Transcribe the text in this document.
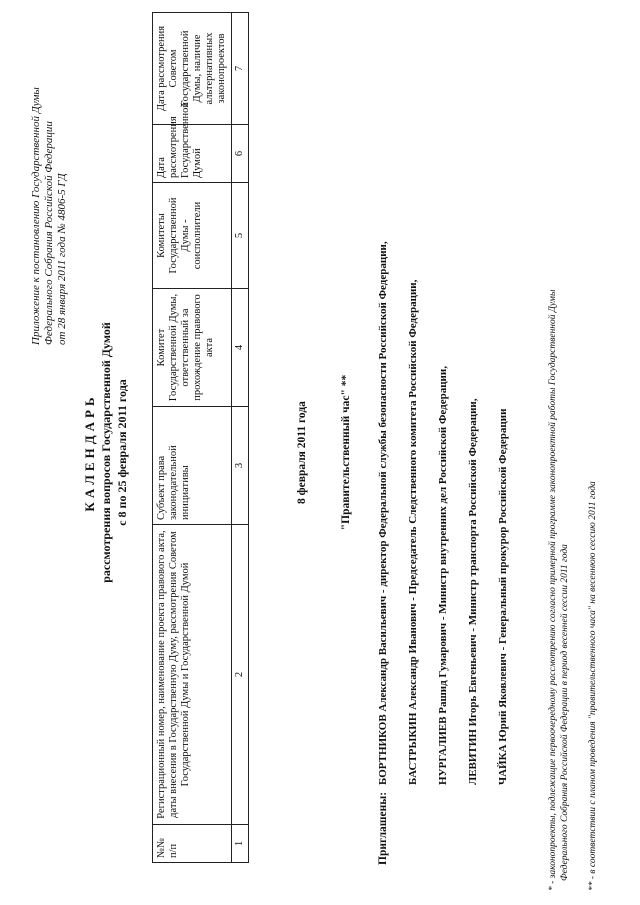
Приложение к постановлению Государственной Думы Федерального Собрания Российской Федерации от 28 января 2011 года № 4806-5 ГД
КАЛЕНДАРЬ рассмотрения вопросов Государственной Думой с 8 по 25 февраля 2011 года
№№ п/п	Регистрационный номер, наименование проекта правового акта, даты внесения в Государственную Думу, рассмотрения Советом Государственной Думы и Государственной Думой	Субъект права законодательной инициативы	Комитет Государственной Думы, ответственный за прохождение правового акта	Комитеты Государственной Думы - соисполнители	Дата рассмотрения Государственной Думой	Дата рассмотрения Советом Государственной Думы, наличие альтернативных законопроектов
1	2	3	4	5	6	7
8 февраля 2011 года	"Правительственный час" **
Приглашены:
БОРТНИКОВ Александр Васильевич - директор Федеральной службы безопасности Российской Федерации, БАСТРЫКИН Александр Иванович - Председатель Следственного комитета Российской Федерации, НУРГАЛИЕВ Рашид Гумарович - Министр внутренних дел Российской Федерации, ЛЕВИТИН Игорь Евгеньевич - Министр транспорта Российской Федерации, ЧАЙКА Юрий Яковлевич - Генеральный прокурор Российской Федерации	* - законопроекты, подлежащие первоочередному рассмотрению согласно примерной программе законопроектной работы Государственной Думы Федерального Собрания Российской Федерации в период весенней сессии 2011 года ** - в соответствии с планом проведения "правительственного часа" на весеннюю сессию 2011 года
